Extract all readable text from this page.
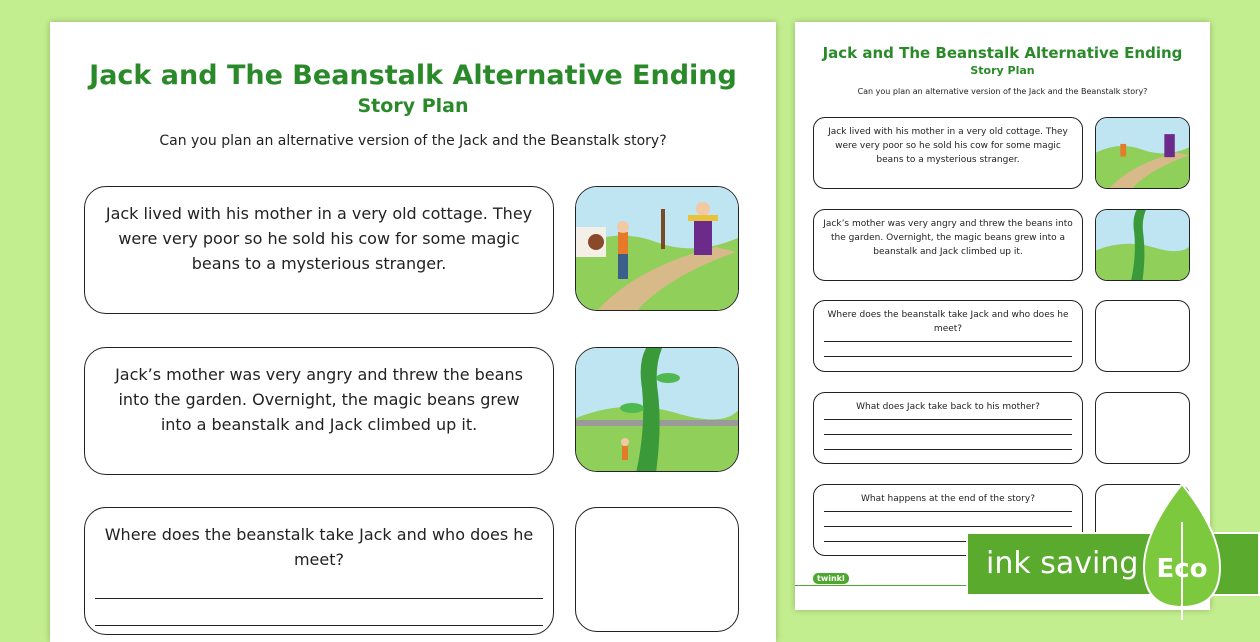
Jack and The Beanstalk Alternative Ending
Story Plan
Can you plan an alternative version of the Jack and the Beanstalk story?
Jack lived with his mother in a very old cottage. They were very poor so he sold his cow for some magic beans to a mysterious stranger.
Jack’s mother was very angry and threw the beans into the garden. Overnight, the magic beans grew into a beanstalk and Jack climbed up it.
Where does the beanstalk take Jack and who does he meet?
Jack and The Beanstalk Alternative Ending
Story Plan
Can you plan an alternative version of the Jack and the Beanstalk story?
Jack lived with his mother in a very old cottage. They were very poor so he sold his cow for some magic beans to a mysterious stranger.
Jack’s mother was very angry and threw the beans into the garden. Overnight, the magic beans grew into a beanstalk and Jack climbed up it.
Where does the beanstalk take Jack and who does he meet?
What does Jack take back to his mother?
What happens at the end of the story?
twinkl	ink saving Eco
